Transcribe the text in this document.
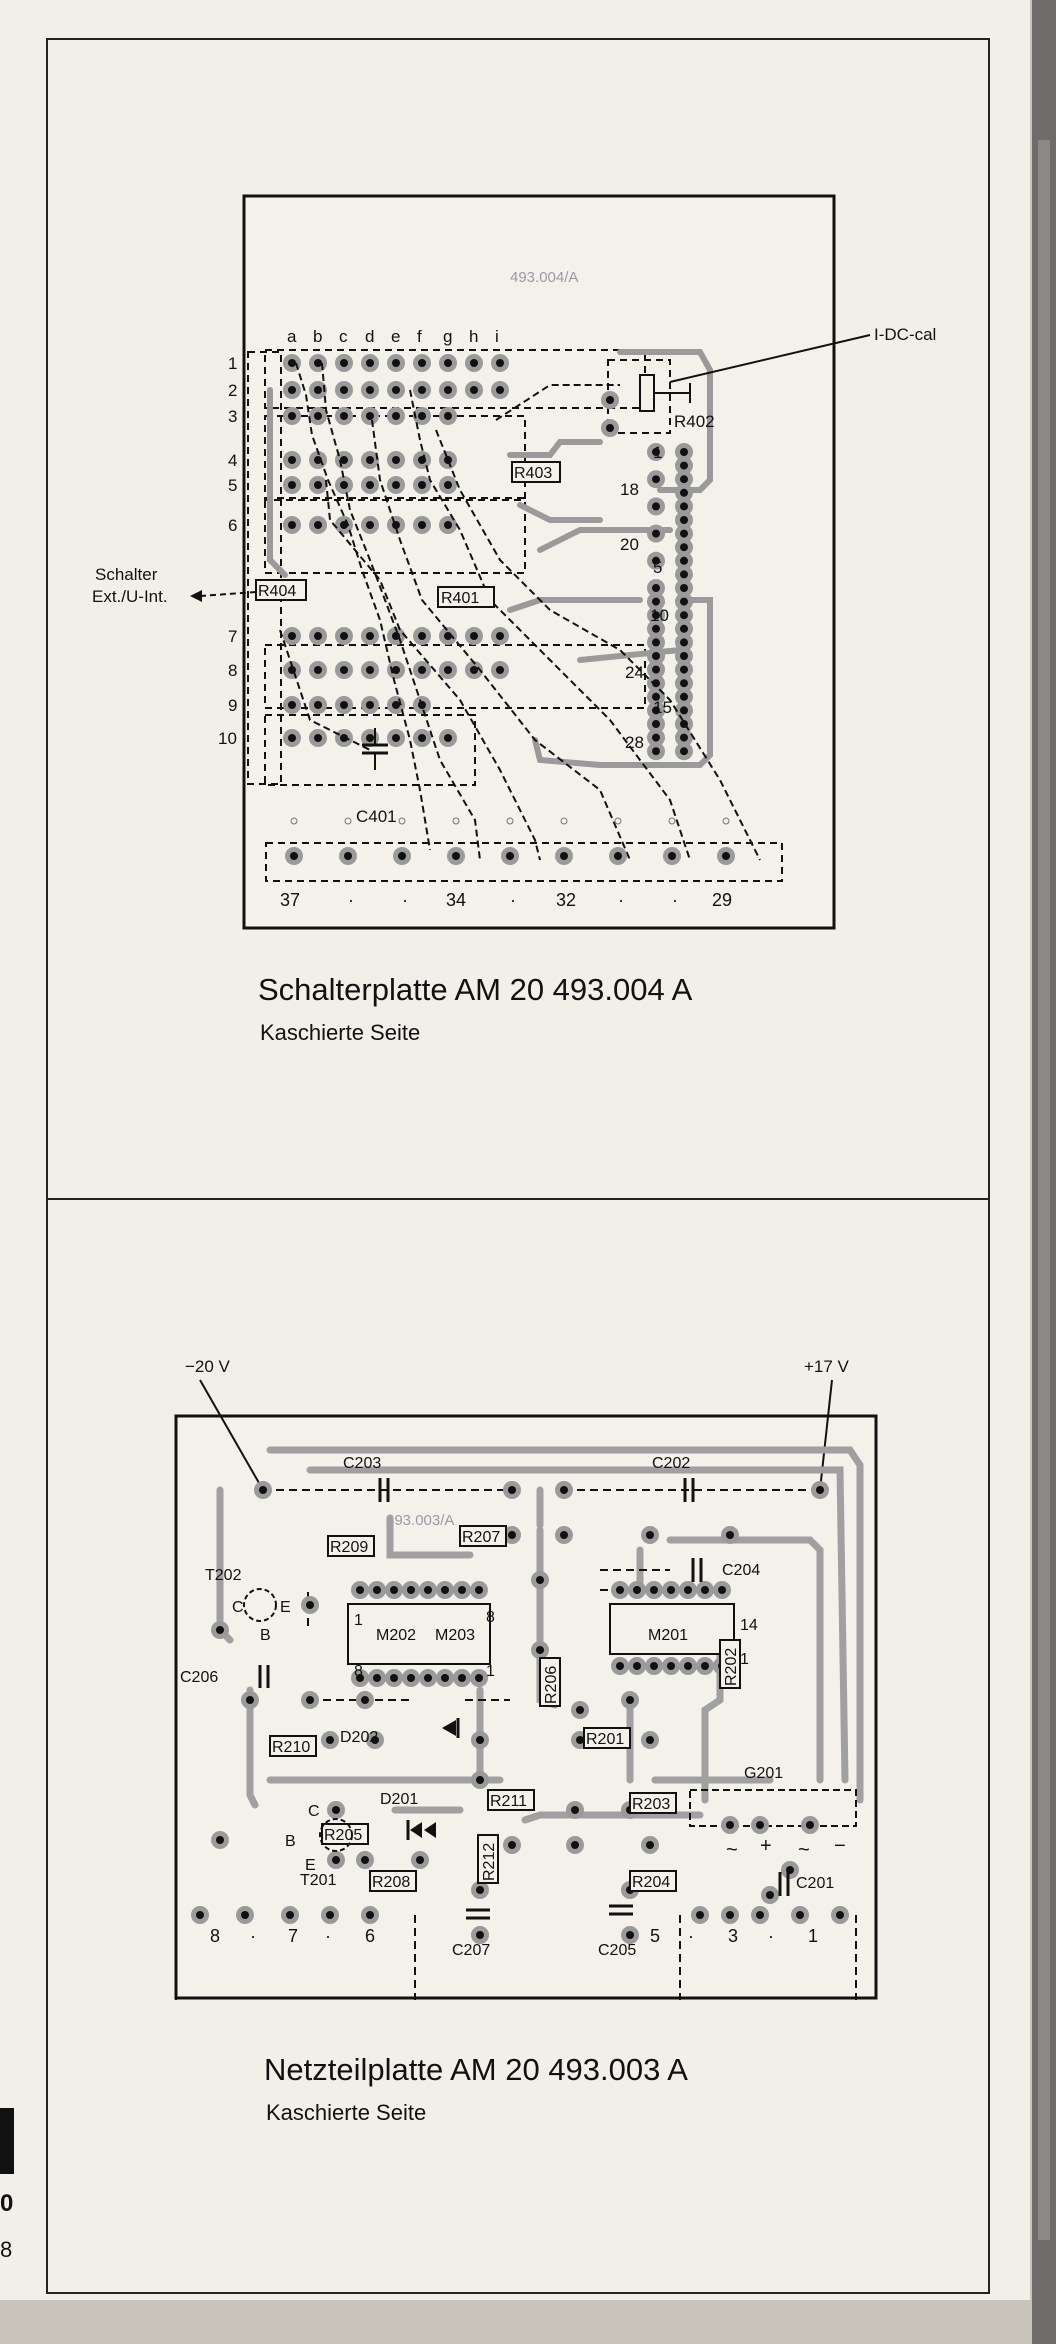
0
8
493.004/A
a b c d e f g h i
1
2
3
4
5
6
7
8
9
10
R402
R403
R401
R404
C401
1
18
20
5
10
24
15
28
37	·	· 34 · 32 ·	· 29
I-DC-cal
Schalter
Ext./U-Int.
Schalterplatte AM 20 493.004 A
Kaschierte Seite
493.003/A
−20 V	+17 V
C203	C202
T202
R209
R207
C204
C206
M202 M203
R206
M201
R202
R210
D202	R201
R211	R203
R205
D201
G201
R212
R208	R204
T201	C201
C207	C205
C E
B
C
B
E
1	8
8	1
14
1
~ + ~ −
8 · 7 · 6	5 · 3 · 1
Netzteilplatte AM 20 493.003 A
Kaschierte Seite
